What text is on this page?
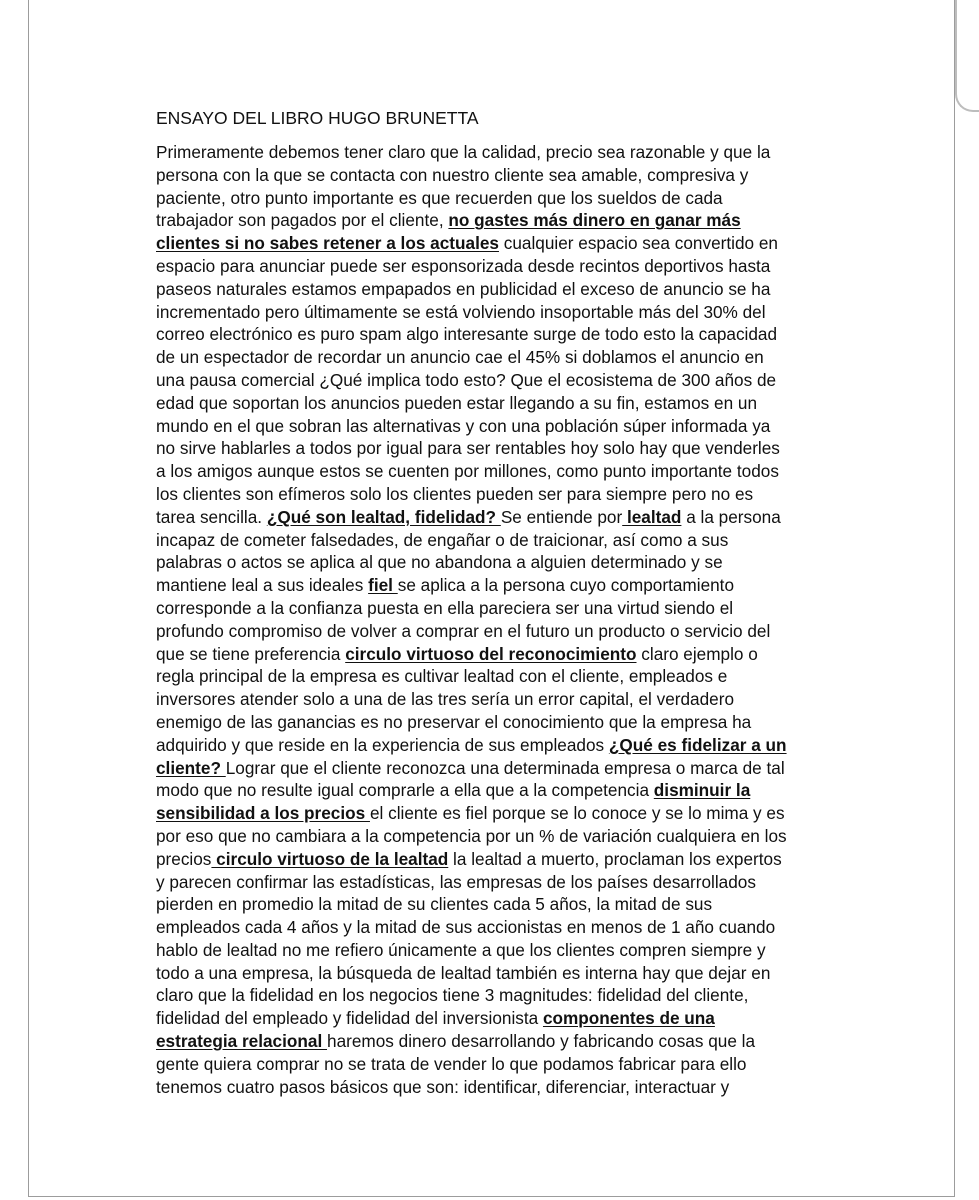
ENSAYO DEL LIBRO HUGO BRUNETTA
Primeramente debemos tener claro que la calidad, precio sea razonable y que la
persona con la que se contacta con nuestro cliente sea amable, compresiva y
paciente, otro punto importante es que recuerden que los sueldos de cada
trabajador son pagados por el cliente, no gastes más dinero en ganar más
clientes si no sabes retener a los actuales cualquier espacio sea convertido en
espacio para anunciar puede ser esponsorizada desde recintos deportivos hasta
paseos naturales estamos empapados en publicidad el exceso de anuncio se ha
incrementado pero últimamente se está volviendo insoportable más del 30% del
correo electrónico es puro spam algo interesante surge de todo esto la capacidad
de un espectador de recordar un anuncio cae el 45% si doblamos el anuncio en
una pausa comercial ¿Qué implica todo esto? Que el ecosistema de 300 años de
edad que soportan los anuncios pueden estar llegando a su fin, estamos en un
mundo en el que sobran las alternativas y con una población súper informada ya
no sirve hablarles a todos por igual para ser rentables hoy solo hay que venderles
a los amigos aunque estos se cuenten por millones, como punto importante todos
los clientes son efímeros solo los clientes pueden ser para siempre pero no es
tarea sencilla. ¿Qué son lealtad, fidelidad? Se entiende por lealtad a la persona
incapaz de cometer falsedades, de engañar o de traicionar, así como a sus
palabras o actos se aplica al que no abandona a alguien determinado y se
mantiene leal a sus ideales fiel se aplica a la persona cuyo comportamiento
corresponde a la confianza puesta en ella pareciera ser una virtud siendo el
profundo compromiso de volver a comprar en el futuro un producto o servicio del
que se tiene preferencia circulo virtuoso del reconocimiento claro ejemplo o
regla principal de la empresa es cultivar lealtad con el cliente, empleados e
inversores atender solo a una de las tres sería un error capital, el verdadero
enemigo de las ganancias es no preservar el conocimiento que la empresa ha
adquirido y que reside en la experiencia de sus empleados ¿Qué es fidelizar a un
cliente? Lograr que el cliente reconozca una determinada empresa o marca de tal
modo que no resulte igual comprarle a ella que a la competencia disminuir la
sensibilidad a los precios el cliente es fiel porque se lo conoce y se lo mima y es
por eso que no cambiara a la competencia por un % de variación cualquiera en los
precios circulo virtuoso de la lealtad la lealtad a muerto, proclaman los expertos
y parecen confirmar las estadísticas, las empresas de los países desarrollados
pierden en promedio la mitad de su clientes cada 5 años, la mitad de sus
empleados cada 4 años y la mitad de sus accionistas en menos de 1 año cuando
hablo de lealtad no me refiero únicamente a que los clientes compren siempre y
todo a una empresa, la búsqueda de lealtad también es interna hay que dejar en
claro que la fidelidad en los negocios tiene 3 magnitudes: fidelidad del cliente,
fidelidad del empleado y fidelidad del inversionista componentes de una
estrategia relacional haremos dinero desarrollando y fabricando cosas que la
gente quiera comprar no se trata de vender lo que podamos fabricar para ello
tenemos cuatro pasos básicos que son: identificar, diferenciar, interactuar y
